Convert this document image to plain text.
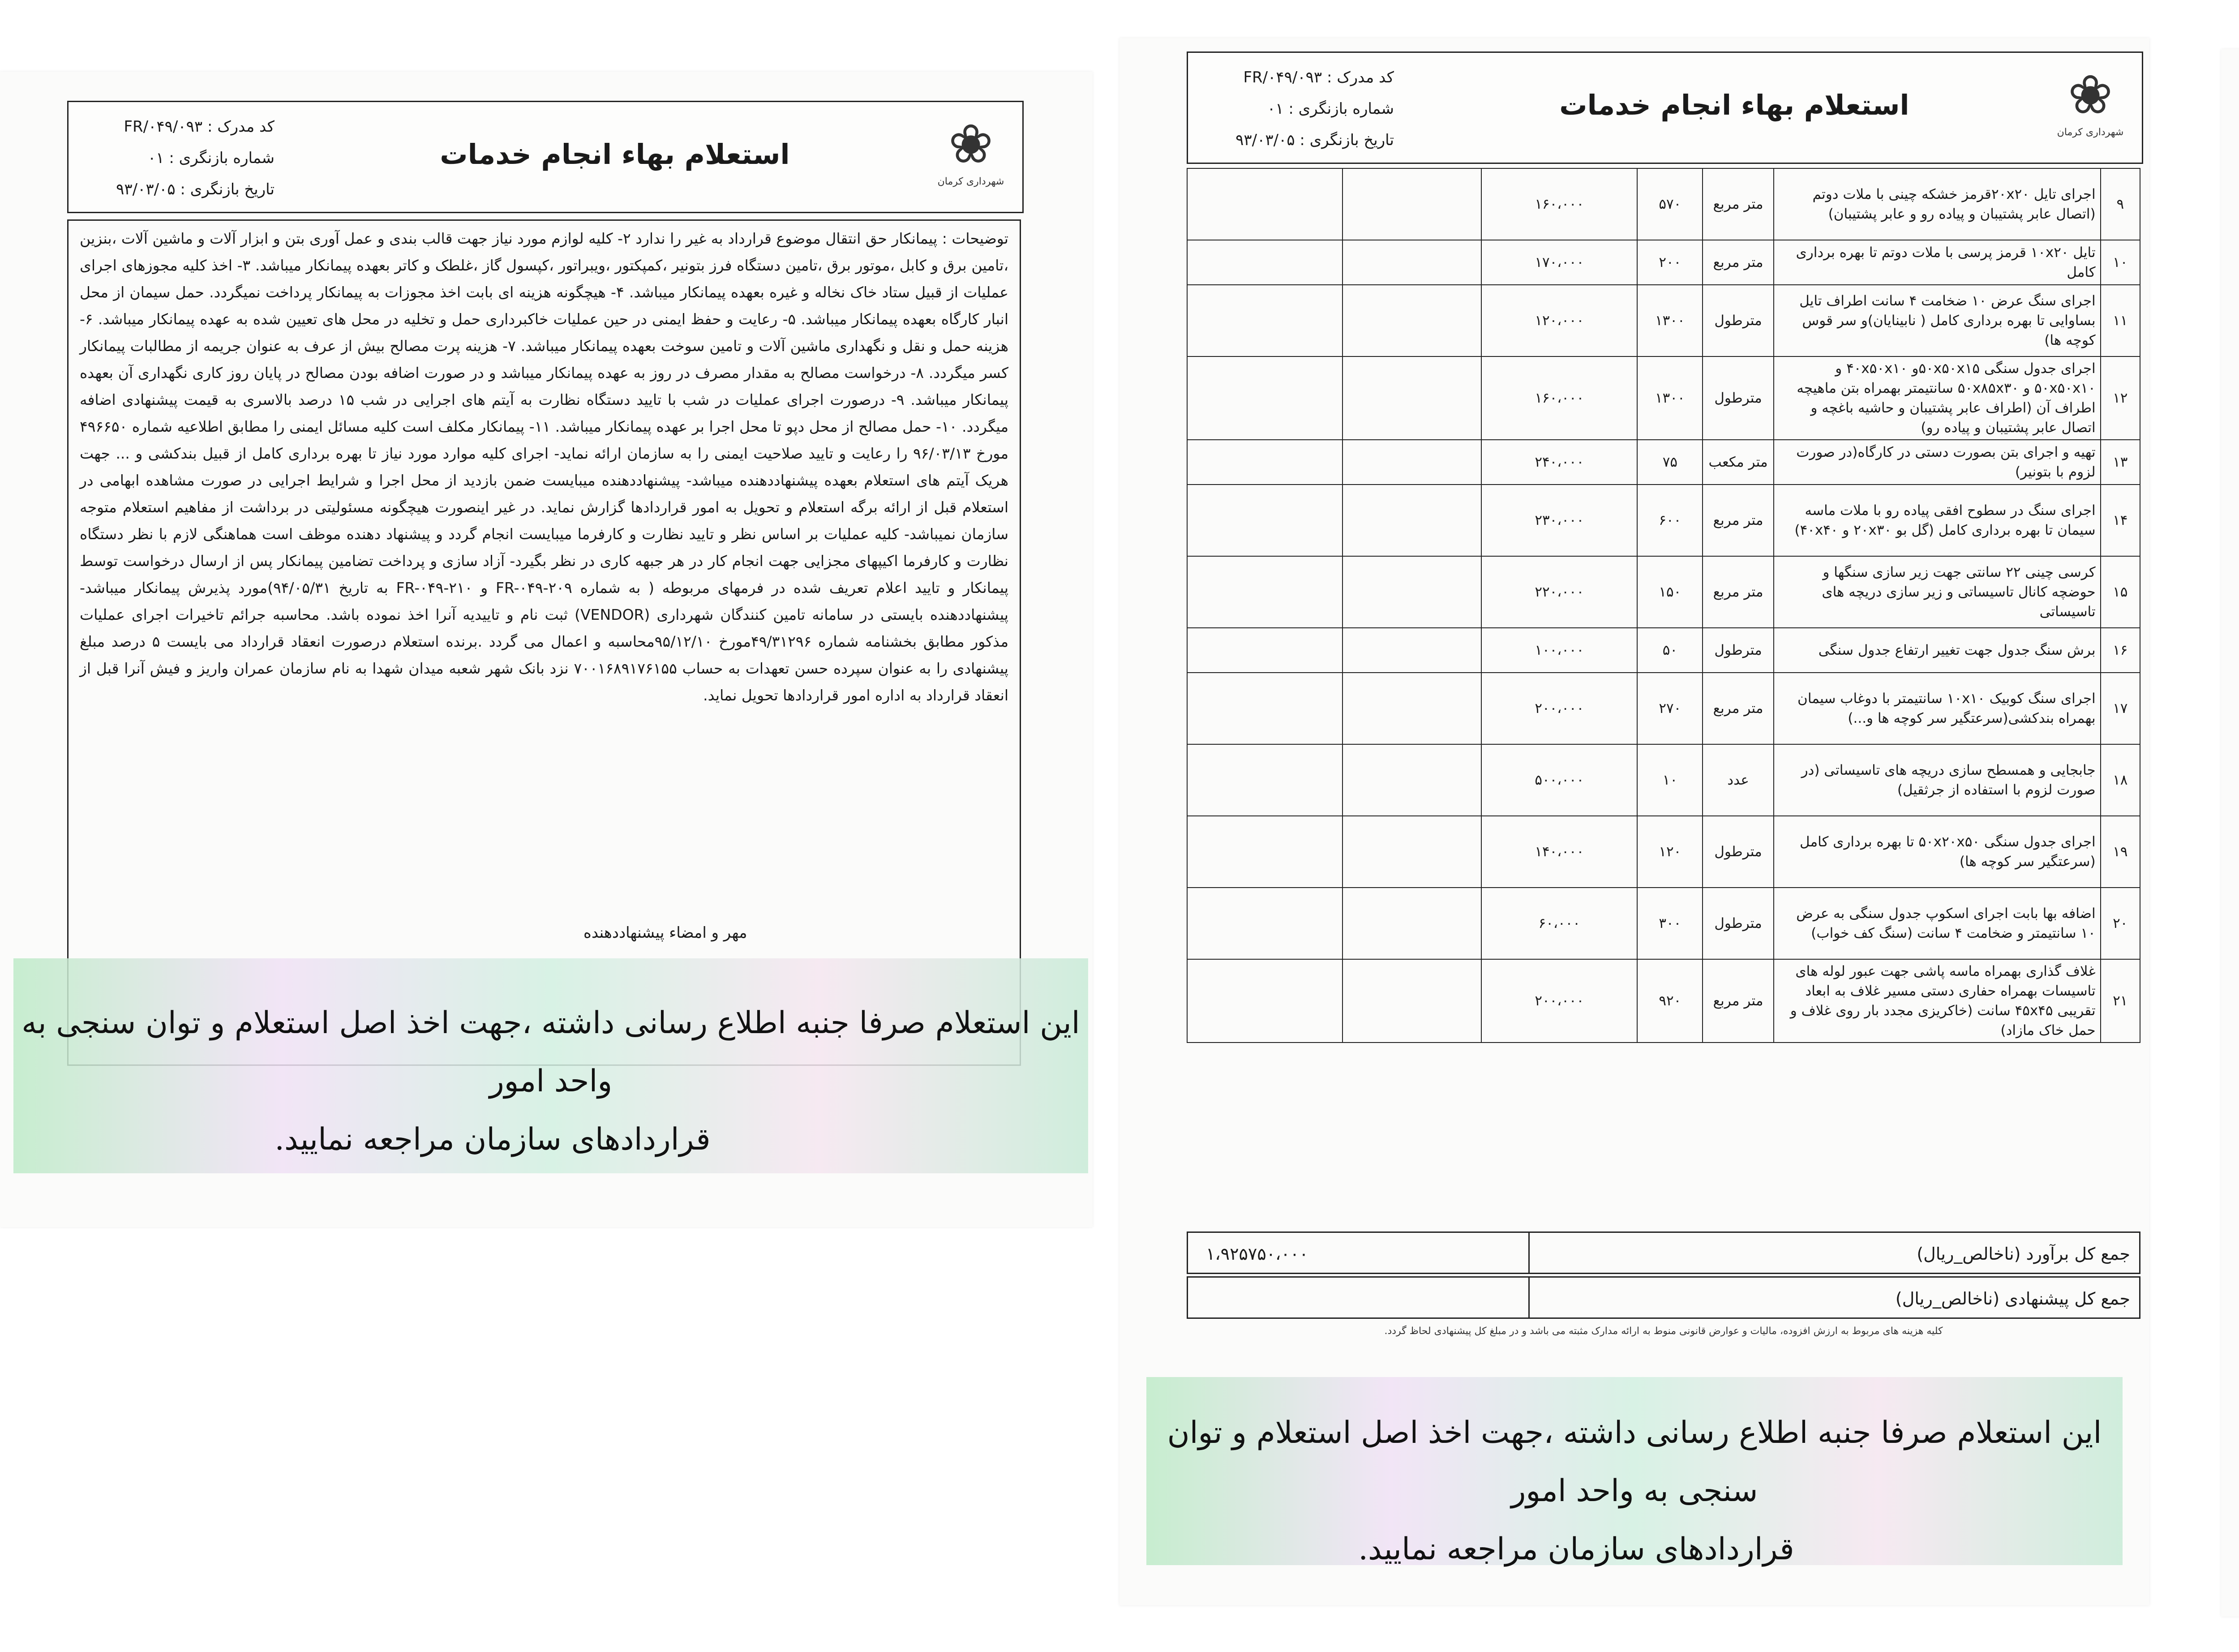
❀
شهرداری کرمان
استعلام بهاء انجام خدمات
کد مدرک : FR/۰۴۹/۰۹۳
شماره بازنگری : ۰۱
تاریخ بازنگری : ۹۳/۰۳/۰۵
توضیحات : پیمانکار حق انتقال موضوع قرارداد به غیر را ندارد ۲- کلیه لوازم مورد نیاز جهت قالب بندی و عمل آوری بتن و ابزار آلات و ماشین آلات ،بنزین ،تامین برق و کابل ،موتور برق ،تامین دستگاه فرز بتونیر ،کمپکتور ،ویبراتور ،کپسول گاز ،غلطک و کاتر بعهده پیمانکار میباشد. ۳- اخذ کلیه مجوزهای اجرای عملیات از قبیل ستاد خاک نخاله و غیره بعهده پیمانکار میباشد. ۴- هیچگونه هزینه ای بابت اخذ مجوزات به پیمانکار پرداخت نمیگردد. حمل سیمان از محل انبار کارگاه بعهده پیمانکار میباشد. ۵- رعایت و حفظ ایمنی در حین عملیات خاکبرداری حمل و تخلیه در محل های تعیین شده به عهده پیمانکار میباشد. ۶- هزینه حمل و نقل و نگهداری ماشین آلات و تامین سوخت بعهده پیمانکار میباشد. ۷- هزینه پرت مصالح بیش از عرف به عنوان جریمه از مطالبات پیمانکار کسر میگردد. ۸- درخواست مصالح به مقدار مصرف در روز به عهده پیمانکار میباشد و در صورت اضافه بودن مصالح در پایان روز کاری نگهداری آن بعهده پیمانکار میباشد. ۹- درصورت اجرای عملیات در شب با تایید دستگاه نظارت به آیتم های اجرایی در شب ۱۵ درصد بالاسری به قیمت پیشنهادی اضافه میگردد. ۱۰- حمل مصالح از محل دپو تا محل اجرا بر عهده پیمانکار میباشد. ۱۱- پیمانکار مکلف است کلیه مسائل ایمنی را مطابق اطلاعیه شماره ۴۹۶۶۵۰ مورخ ۹۶/۰۳/۱۳ را رعایت و تایید صلاحیت ایمنی را به سازمان ارائه نماید- اجرای کلیه موارد مورد نیاز تا بهره برداری کامل از قبیل بندکشی و ... جهت هریک آیتم های استعلام بعهده پیشنهاددهنده میباشد- پیشنهاددهنده میبایست ضمن بازدید از محل اجرا و شرایط اجرایی در صورت مشاهده ابهامی در استعلام قبل از ارائه برگه استعلام و تحویل به امور قراردادها گزارش نماید. در غیر اینصورت هیچگونه مسئولیتی در برداشت از مفاهیم استعلام متوجه سازمان نمیباشد- کلیه عملیات بر اساس نظر و تایید نظارت و کارفرما میبایست انجام گردد و پیشنهاد دهنده موظف است هماهنگی لازم با نظر دستگاه نظارت و کارفرما اکیپهای مجزایی جهت انجام کار در هر جبهه کاری در نظر بگیرد- آزاد سازی و پرداخت تضامین پیمانکار پس از ارسال درخواست توسط پیمانکار و تایید اعلام تعریف شده در فرمهای مربوطه ( به شماره FR-۰۴۹-۲۰۹ و FR-۰۴۹-۲۱۰ به تاریخ ۹۴/۰۵/۳۱)مورد پذیرش پیمانکار میباشد- پیشنهاددهنده بایستی در سامانه تامین کنندگان شهرداری (VENDOR) ثبت نام و تاییدیه آنرا اخذ نموده باشد. محاسبه جرائم تاخیرات اجرای عملیات مذکور مطابق بخشنامه شماره ۴۹/۳۱۲۹۶مورخ ۹۵/۱۲/۱۰محاسبه و اعمال می گردد .برنده استعلام درصورت انعقاد قرارداد می بایست ۵ درصد مبلغ پیشنهادی را به عنوان سپرده حسن تعهدات به حساب ۷۰۰۱۶۸۹۱۷۶۱۵۵ نزد بانک شهر شعبه میدان شهدا به نام سازمان عمران واریز و فیش آنرا قبل از انعقاد قرارداد به اداره امور قراردادها تحویل نماید.
مهر و امضاء پیشنهاددهنده
این استعلام صرفا جنبه اطلاع رسانی داشته ،جهت اخذ اصل استعلام و توان سنجی به واحد امور
قراردادهای سازمان مراجعه نمایید.
❀
شهرداری کرمان
استعلام بهاء انجام خدمات
کد مدرک : FR/۰۴۹/۰۹۳
شماره بازنگری : ۰۱
تاریخ بازنگری : ۹۳/۰۳/۰۵
۹	اجرای تایل ۲۰x۲۰قرمز خشکه چینی با ملات دوتم (اتصال عابر پشتیبان و پیاده رو و عابر پشتیبان)	متر مربع	۵۷۰	۱۶۰،۰۰۰		
۱۰	تایل ۱۰x۲۰ قرمز پرسی با ملات دوتم تا بهره برداری کامل	متر مربع	۲۰۰	۱۷۰،۰۰۰		
۱۱	اجرای سنگ عرض ۱۰ ضخامت ۴ سانت اطراف تایل بساوایی تا بهره برداری کامل ( نابینایان)و سر قوس کوچه ها)	مترطول	۱۳۰۰	۱۲۰،۰۰۰		
۱۲	اجرای جدول سنگی ۵۰x۵۰x۱۵و ۴۰x۵۰x۱۰ و ۵۰x۵۰x۱۰ و ۵۰x۸۵x۳۰ سانتیمتر بهمراه بتن ماهیچه اطراف آن (اطراف عابر پشتیبان و حاشیه باغچه و اتصال عابر پشتیبان و پیاده رو)	مترطول	۱۳۰۰	۱۶۰،۰۰۰		
۱۳	تهیه و اجرای بتن بصورت دستی در کارگاه(در صورت لزوم با بتونیر)	متر مکعب	۷۵	۲۴۰،۰۰۰		
۱۴	اجرای سنگ در سطوح افقی پیاده رو با ملات ماسه سیمان تا بهره برداری کامل (گل بو ۲۰x۳۰ و ۴۰x۴۰)	متر مربع	۶۰۰	۲۳۰،۰۰۰		
۱۵	کرسی چینی ۲۲ سانتی جهت زیر سازی سنگها و حوضچه کانال تاسیساتی و زیر سازی دریچه های تاسیساتی	متر مربع	۱۵۰	۲۲۰،۰۰۰		
۱۶	برش سنگ جدول جهت تغییر ارتفاع جدول سنگی	مترطول	۵۰	۱۰۰،۰۰۰		
۱۷	اجرای سنگ کوبیک ۱۰x۱۰ سانتیمتر با دوغاب سیمان بهمراه بندکشی(سرعتگیر سر کوچه ها و...)	متر مربع	۲۷۰	۲۰۰،۰۰۰		
۱۸	جابجایی و همسطح سازی دریچه های تاسیساتی (در صورت لزوم با استفاده از جرثقیل)	عدد	۱۰	۵۰۰،۰۰۰		
۱۹	اجرای جدول سنگی ۵۰x۲۰x۵۰ تا بهره برداری کامل (سرعتگیر سر کوچه ها)	مترطول	۱۲۰	۱۴۰،۰۰۰		
۲۰	اضافه بها بابت اجرای اسکوپ جدول سنگی به عرض ۱۰ سانتیمتر و ضخامت ۴ سانت (سنگ کف خواب)	مترطول	۳۰۰	۶۰،۰۰۰		
۲۱	غلاف گذاری بهمراه ماسه پاشی جهت عبور لوله های تاسیسات بهمراه حفاری دستی مسیر غلاف به ابعاد تقریبی ۴۵x۴۵ سانت (خاکریزی مجدد بار روی غلاف و حمل خاک مازاد)	متر مربع	۹۲۰	۲۰۰،۰۰۰		
جمع کل برآورد (ناخالص_ریال)
۱،۹۲۵۷۵۰،۰۰۰
جمع کل پیشنهادی (ناخالص_ریال)
کلیه هزینه های مربوط به ارزش افزوده، مالیات و عوارض قانونی منوط به ارائه مدارک مثبته می باشد و در مبلغ کل پیشنهادی لحاظ گردد.
این استعلام صرفا جنبه اطلاع رسانی داشته ،جهت اخذ اصل استعلام و توان سنجی به واحد امور
قراردادهای سازمان مراجعه نمایید.
